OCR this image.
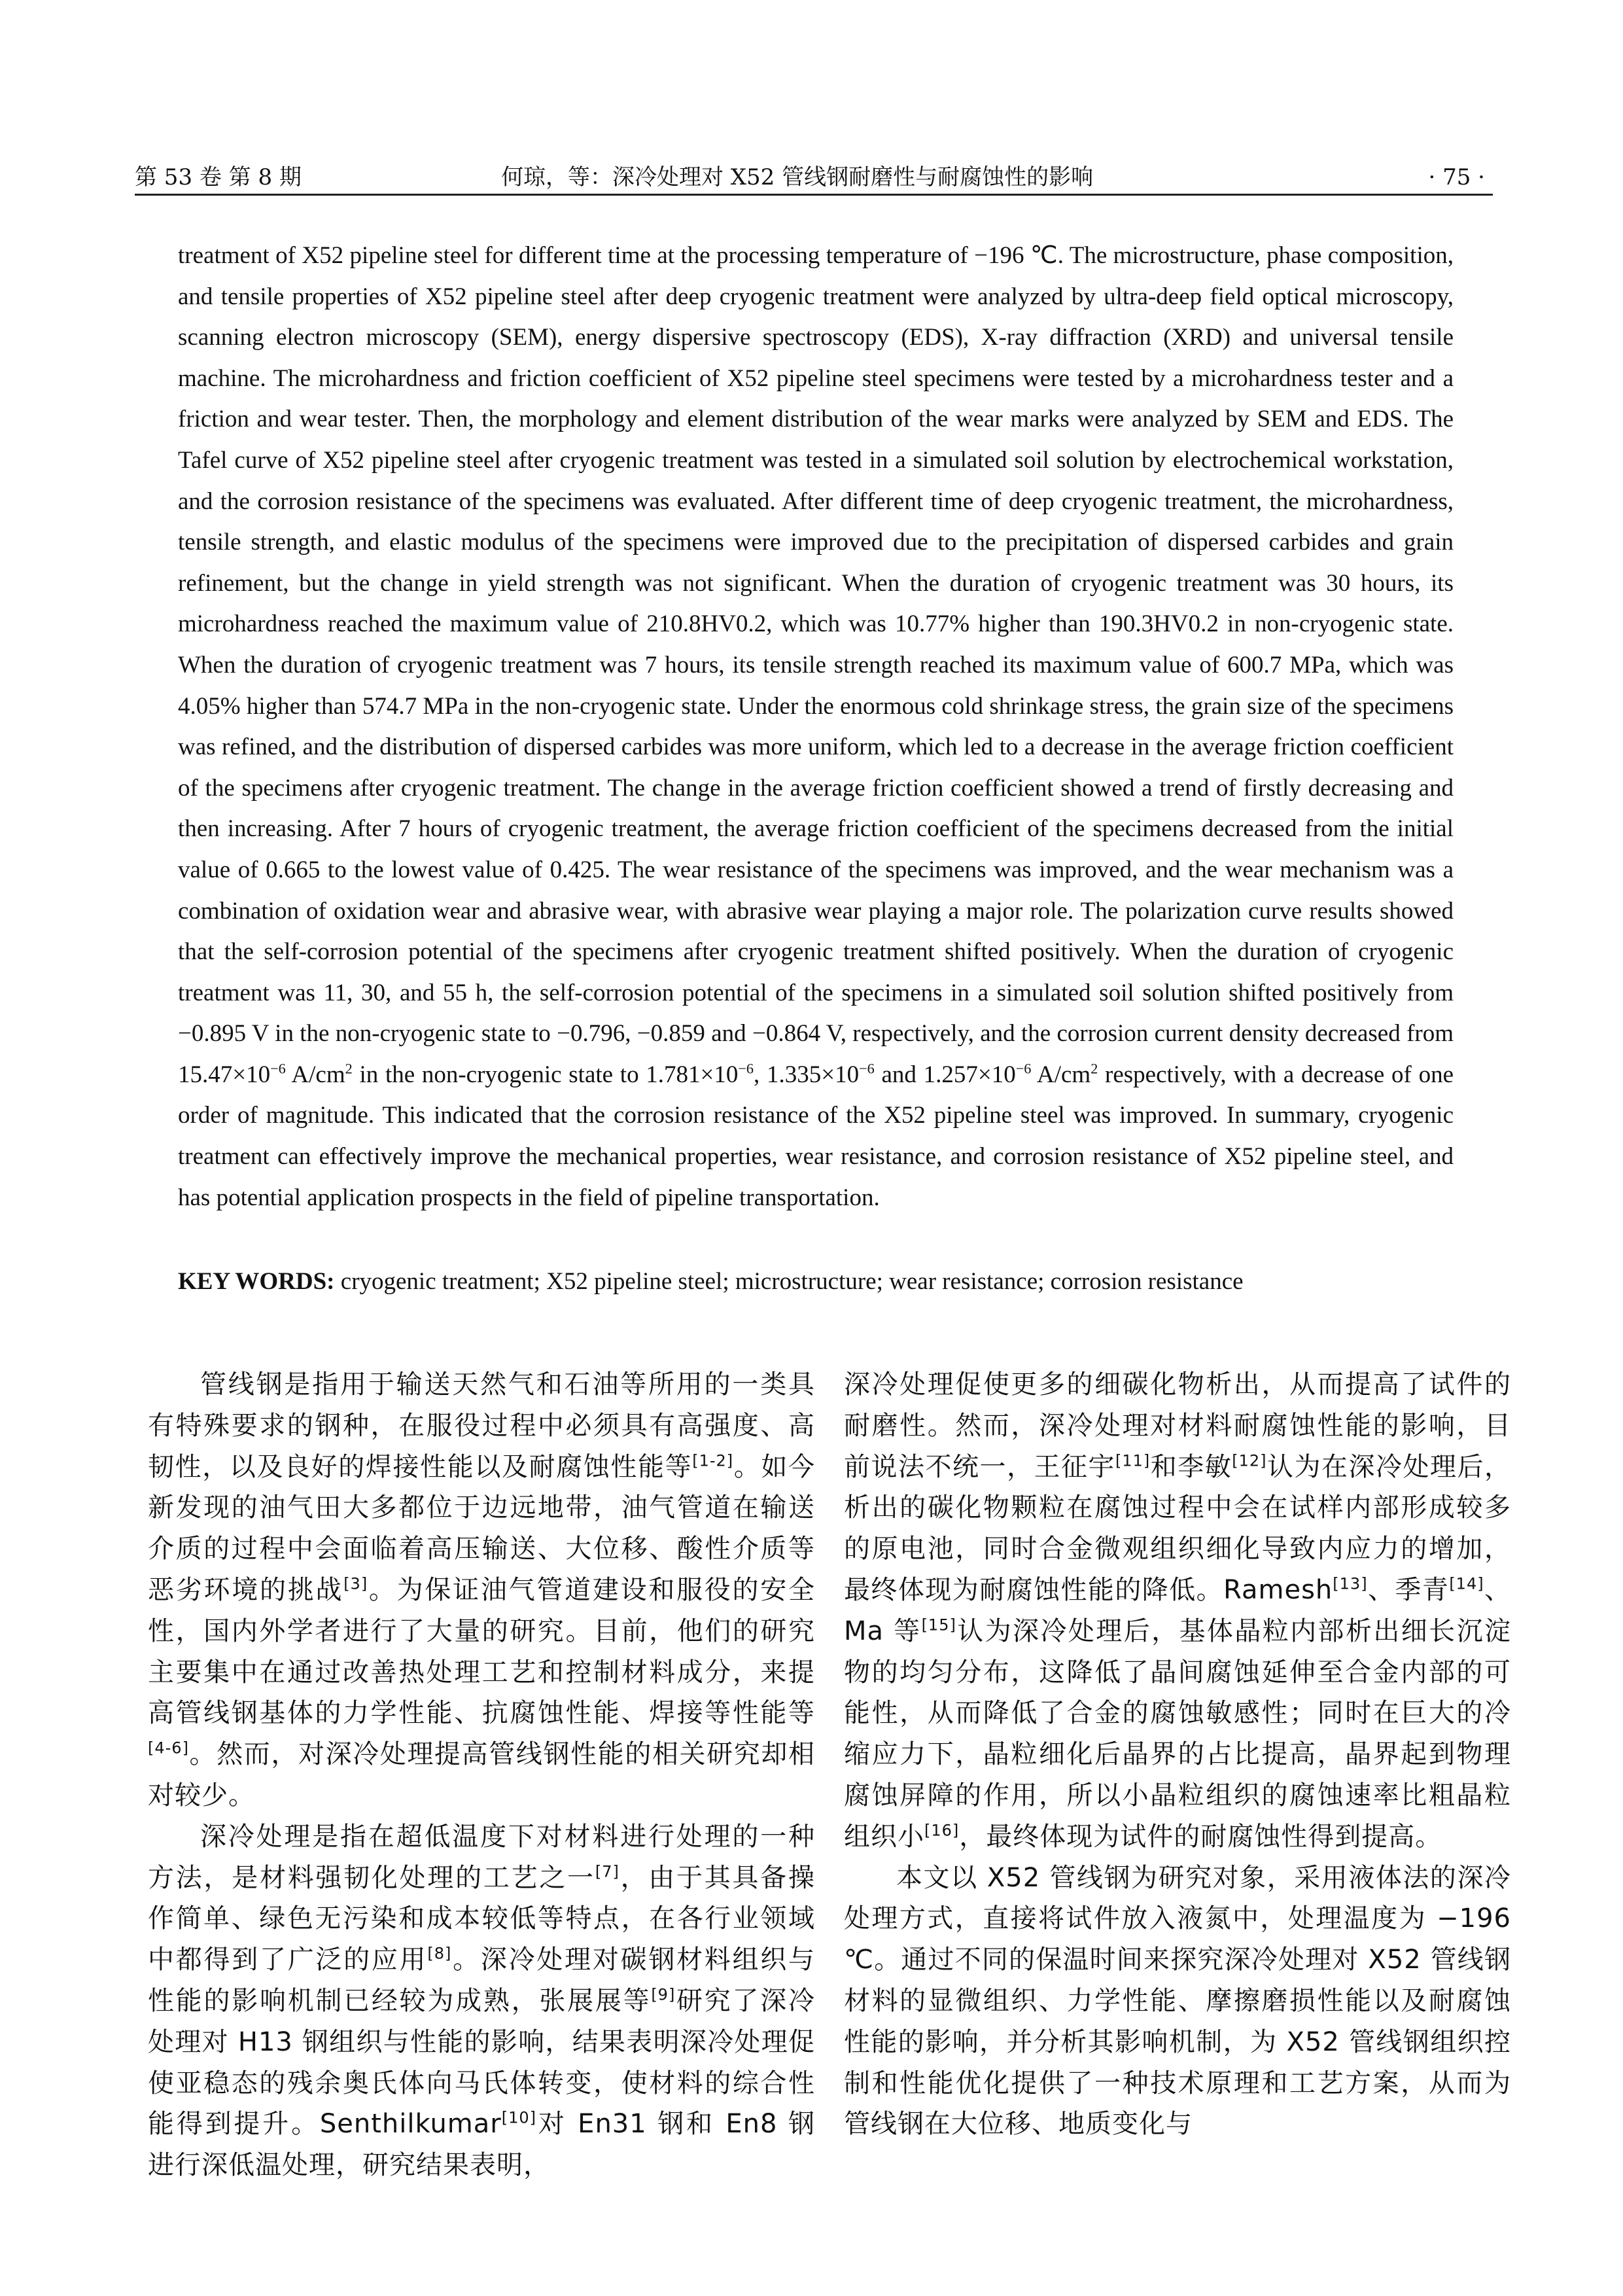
第 53 卷 第 8 期	何琼，等：深冷处理对 X52 管线钢耐磨性与耐腐蚀性的影响	· 75 ·
treatment of X52 pipeline steel for different time at the processing temperature of −196 ℃. The microstructure, phase composition, and tensile properties of X52 pipeline steel after deep cryogenic treatment were analyzed by ultra-deep field optical microscopy, scanning electron microscopy (SEM), energy dispersive spectroscopy (EDS), X-ray diffraction (XRD) and universal tensile machine. The microhardness and friction coefficient of X52 pipeline steel specimens were tested by a microhardness tester and a friction and wear tester. Then, the morphology and element distribution of the wear marks were analyzed by SEM and EDS. The Tafel curve of X52 pipeline steel after cryogenic treatment was tested in a simulated soil solution by electrochemical workstation, and the corrosion resistance of the specimens was evaluated. After different time of deep cryogenic treatment, the microhardness, tensile strength, and elastic modulus of the specimens were improved due to the precipitation of dispersed carbides and grain refinement, but the change in yield strength was not significant. When the duration of cryogenic treatment was 30 hours, its microhardness reached the maximum value of 210.8HV0.2, which was 10.77% higher than 190.3HV0.2 in non-cryogenic state. When the duration of cryogenic treatment was 7 hours, its tensile strength reached its maximum value of 600.7 MPa, which was 4.05% higher than 574.7 MPa in the non-cryogenic state. Under the enormous cold shrinkage stress, the grain size of the specimens was refined, and the distribution of dispersed carbides was more uniform, which led to a decrease in the average friction coefficient of the specimens after cryogenic treatment. The change in the average friction coefficient showed a trend of firstly decreasing and then increasing. After 7 hours of cryogenic treatment, the average friction coefficient of the specimens decreased from the initial value of 0.665 to the lowest value of 0.425. The wear resistance of the specimens was improved, and the wear mechanism was a combination of oxidation wear and abrasive wear, with abrasive wear playing a major role. The polarization curve results showed that the self-corrosion potential of the specimens after cryogenic treatment shifted positively. When the duration of cryogenic treatment was 11, 30, and 55 h, the self-corrosion potential of the specimens in a simulated soil solution shifted positively from −0.895 V in the non-cryogenic state to −0.796, −0.859 and −0.864 V, respectively, and the corrosion current density decreased from $15.47\times 10^{-6}$ $A/cm^2$ in the non-cryogenic state to $1.781\times 10^{-6}$, $1.335\times 10^{-6}$ and $1.257\times 10^{-6}$ $A/cm^2$ respectively, with a decrease of one order of magnitude. This indicated that the corrosion resistance of the X52 pipeline steel was improved. In summary, cryogenic treatment can effectively improve the mechanical properties, wear resistance, and corrosion resistance of X52 pipeline steel, and has potential application prospects in the field of pipeline transportation.
KEY WORDS: cryogenic treatment; X52 pipeline steel; microstructure; wear resistance; corrosion resistance

管线钢是指用于输送天然气和石油等所用的一类具有特殊要求的钢种，在服役过程中必须具有高强度、高韧性，以及良好的焊接性能以及耐腐蚀性能等[1-2]。如今新发现的油气田大多都位于边远地带，油气管道在输送介质的过程中会面临着高压输送、大位移、酸性介质等恶劣环境的挑战[3]。为保证油气管道建设和服役的安全性，国内外学者进行了大量的研究。目前，他们的研究主要集中在通过改善热处理工艺和控制材料成分，来提高管线钢基体的力学性能、抗腐蚀性能、焊接等性能等[4-6]。然而，对深冷处理提高管线钢性能的相关研究却相对较少。

深冷处理是指在超低温度下对材料进行处理的一种方法，是材料强韧化处理的工艺之一[7]，由于其具备操作简单、绿色无污染和成本较低等特点，在各行业领域中都得到了广泛的应用[8]。深冷处理对碳钢材料组织与性能的影响机制已经较为成熟，张展展等[9]研究了深冷处理对 H13 钢组织与性能的影响，结果表明深冷处理促使亚稳态的残余奥氏体向马氏体转变，使材料的综合性能得到提升。Senthilkumar[10]对 En31 钢和 En8 钢进行深低温处理，研究结果表明，

深冷处理促使更多的细碳化物析出，从而提高了试件的耐磨性。然而，深冷处理对材料耐腐蚀性能的影响，目前说法不统一，王征宇[11]和李敏[12]认为在深冷处理后，析出的碳化物颗粒在腐蚀过程中会在试样内部形成较多的原电池，同时合金微观组织细化导致内应力的增加，最终体现为耐腐蚀性能的降低。Ramesh[13]、季青[14]、Ma 等[15]认为深冷处理后，基体晶粒内部析出细长沉淀物的均匀分布，这降低了晶间腐蚀延伸至合金内部的可能性，从而降低了合金的腐蚀敏感性；同时在巨大的冷缩应力下，晶粒细化后晶界的占比提高，晶界起到物理腐蚀屏障的作用，所以小晶粒组织的腐蚀速率比粗晶粒组织小[16]，最终体现为试件的耐腐蚀性得到提高。

本文以 X52 管线钢为研究对象，采用液体法的深冷处理方式，直接将试件放入液氮中，处理温度为 −196 ℃。通过不同的保温时间来探究深冷处理对 X52 管线钢材料的显微组织、力学性能、摩擦磨损性能以及耐腐蚀性能的影响，并分析其影响机制，为 X52 管线钢组织控制和性能优化提供了一种技术原理和工艺方案，从而为管线钢在大位移、地质变化与
